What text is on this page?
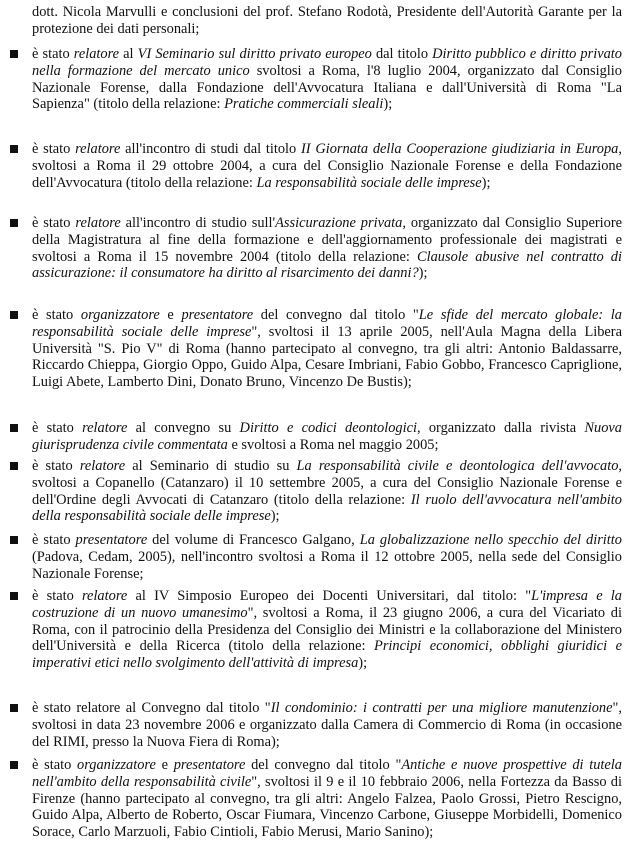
dott. Nicola Marvulli e conclusioni del prof. Stefano Rodotà, Presidente dell'Autorità Garante per la protezione dei dati personali;
è stato relatore al VI Seminario sul diritto privato europeo dal titolo Diritto pubblico e diritto privato nella formazione del mercato unico svoltosi a Roma, l'8 luglio 2004, organizzato dal Consiglio Nazionale Forense, dalla Fondazione dell'Avvocatura Italiana e dall'Università di Roma "La Sapienza" (titolo della relazione: Pratiche commerciali sleali);
è stato relatore all'incontro di studi dal titolo II Giornata della Cooperazione giudiziaria in Europa, svoltosi a Roma il 29 ottobre 2004, a cura del Consiglio Nazionale Forense e della Fondazione dell'Avvocatura (titolo della relazione: La responsabilità sociale delle imprese);
è stato relatore all'incontro di studio sull'Assicurazione privata, organizzato dal Consiglio Superiore della Magistratura al fine della formazione e dell'aggiornamento professionale dei magistrati e svoltosi a Roma il 15 novembre 2004 (titolo della relazione: Clausole abusive nel contratto di assicurazione: il consumatore ha diritto al risarcimento dei danni?);
è stato organizzatore e presentatore del convegno dal titolo "Le sfide del mercato globale: la responsabilità sociale delle imprese", svoltosi il 13 aprile 2005, nell'Aula Magna della Libera Università "S. Pio V" di Roma (hanno partecipato al convegno, tra gli altri: Antonio Baldassarre, Riccardo Chieppa, Giorgio Oppo, Guido Alpa, Cesare Imbriani, Fabio Gobbo, Francesco Capriglione, Luigi Abete, Lamberto Dini, Donato Bruno, Vincenzo De Bustis);
è stato relatore al convegno su Diritto e codici deontologici, organizzato dalla rivista Nuova giurisprudenza civile commentata e svoltosi a Roma nel maggio 2005;
è stato relatore al Seminario di studio su La responsabilità civile e deontologica dell'avvocato, svoltosi a Copanello (Catanzaro) il 10 settembre 2005, a cura del Consiglio Nazionale Forense e dell'Ordine degli Avvocati di Catanzaro (titolo della relazione: Il ruolo dell'avvocatura nell'ambito della responsabilità sociale delle imprese);
è stato presentatore del volume di Francesco Galgano, La globalizzazione nello specchio del diritto (Padova, Cedam, 2005), nell'incontro svoltosi a Roma il 12 ottobre 2005, nella sede del Consiglio Nazionale Forense;
è stato relatore al IV Simposio Europeo dei Docenti Universitari, dal titolo: "L'impresa e la costruzione di un nuovo umanesimo", svoltosi a Roma, il 23 giugno 2006, a cura del Vicariato di Roma, con il patrocinio della Presidenza del Consiglio dei Ministri e la collaborazione del Ministero dell'Università e della Ricerca (titolo della relazione: Principi economici, obblighi giuridici e imperativi etici nello svolgimento dell'attività di impresa);
è stato relatore al Convegno dal titolo "Il condominio: i contratti per una migliore manutenzione", svoltosi in data 23 novembre 2006 e organizzato dalla Camera di Commercio di Roma (in occasione del RIMI, presso la Nuova Fiera di Roma);
è stato organizzatore e presentatore del convegno dal titolo "Antiche e nuove prospettive di tutela nell'ambito della responsabilità civile", svoltosi il 9 e il 10 febbraio 2006, nella Fortezza da Basso di Firenze (hanno partecipato al convegno, tra gli altri: Angelo Falzea, Paolo Grossi, Pietro Rescigno, Guido Alpa, Alberto de Roberto, Oscar Fiumara, Vincenzo Carbone, Giuseppe Morbidelli, Domenico Sorace, Carlo Marzuoli, Fabio Cintioli, Fabio Merusi, Mario Sanino);
